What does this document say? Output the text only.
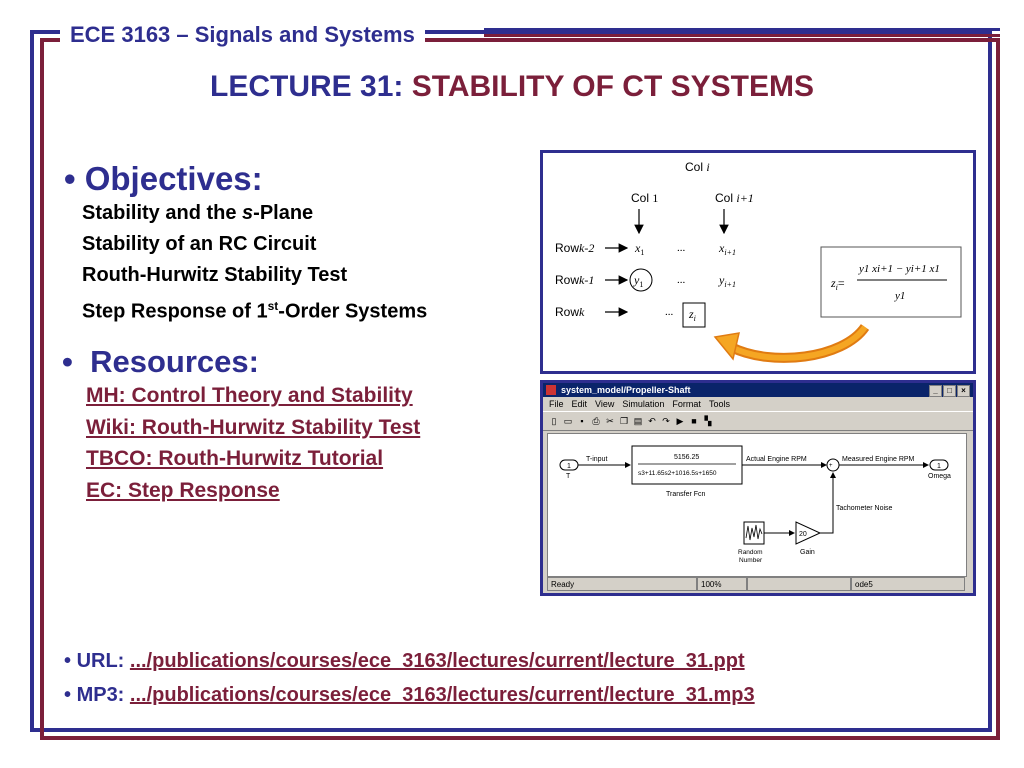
ECE 3163 – Signals and Systems
LECTURE 31: STABILITY OF CT SYSTEMS
• Objectives:
Stability and the s-Plane
Stability of an RC Circuit
Routh-Hurwitz Stability Test
Step Response of 1st-Order Systems
•  Resources:
MH: Control Theory and Stability
Wiki: Routh-Hurwitz Stability Test
TBCO: Routh-Hurwitz Tutorial
EC: Step Response
Col i
Col 1	Col i+1
Rowk-2	$x_1$	...	$x_{i+1}$
Rowk-1	$y_1$	...	$y_{i+1}$
Rowk	... $z_i$
$z_i=$
y1 xi+1 − yi+1 x1
y1
system_model/Propeller-Shaft	_	□	×
File Edit View Simulation Format Tools
▯ ▭ ▪ ⎙ ✂ ❐ ▤ ↶ ↷ ▶ ■ ▚
1
T
T-input	5156.25
s3+11.65s2+1016.5s+1650
Transfer Fcn
Actual Engine RPM
+
Measured Engine RPM
1
Omega
Random
Number
20
Gain
Tachometer Noise
Ready	100%	ode5
• URL: .../publications/courses/ece_3163/lectures/current/lecture_31.ppt
• MP3: .../publications/courses/ece_3163/lectures/current/lecture_31.mp3
